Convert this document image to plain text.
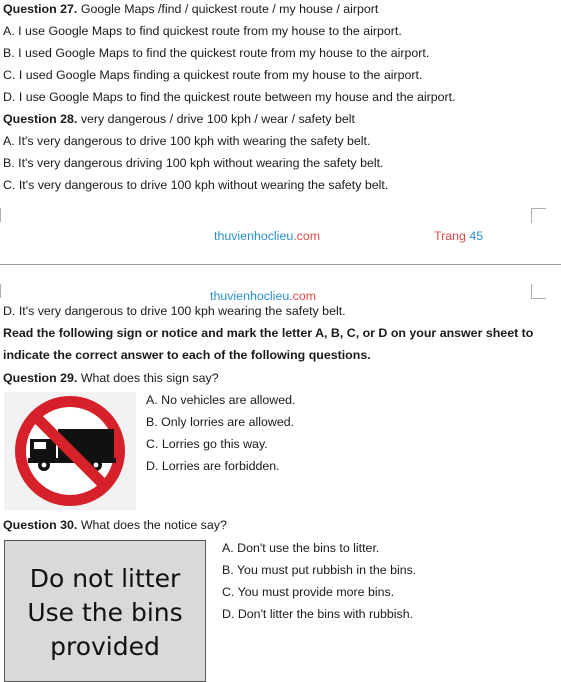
Question 27. Google Maps /find / quickest route / my house / airport
A. I use Google Maps to find quickest route from my house to the airport.
B. I used Google Maps to find the quickest route from my house to the airport.
C. I used Google Maps finding a quickest route from my house to the airport.
D. I use Google Maps to find the quickest route between my house and the airport.
Question 28. very dangerous / drive 100 kph / wear / safety belt
A. It's very dangerous to drive 100 kph with wearing the safety belt.
B. It's very dangerous driving 100 kph without wearing the safety belt.
C. It's very dangerous to drive 100 kph without wearing the safety belt.
thuvienhoclieu.com	Trang 45
thuvienhoclieu.com
D. It's very dangerous to drive 100 kph wearing the safety belt.
Read the following sign or notice and mark the letter A, B, C, or D on your answer sheet to
indicate the correct answer to each of the following questions.
Question 29. What does this sign say?
A. No vehicles are allowed.
B. Only lorries are allowed.
C. Lorries go this way.
D. Lorries are forbidden.
Question 30. What does the notice say?
Do not litter
Use the bins
provided
A. Don't use the bins to litter.
B. You must put rubbish in the bins.
C. You must provide more bins.
D. Don't litter the bins with rubbish.
